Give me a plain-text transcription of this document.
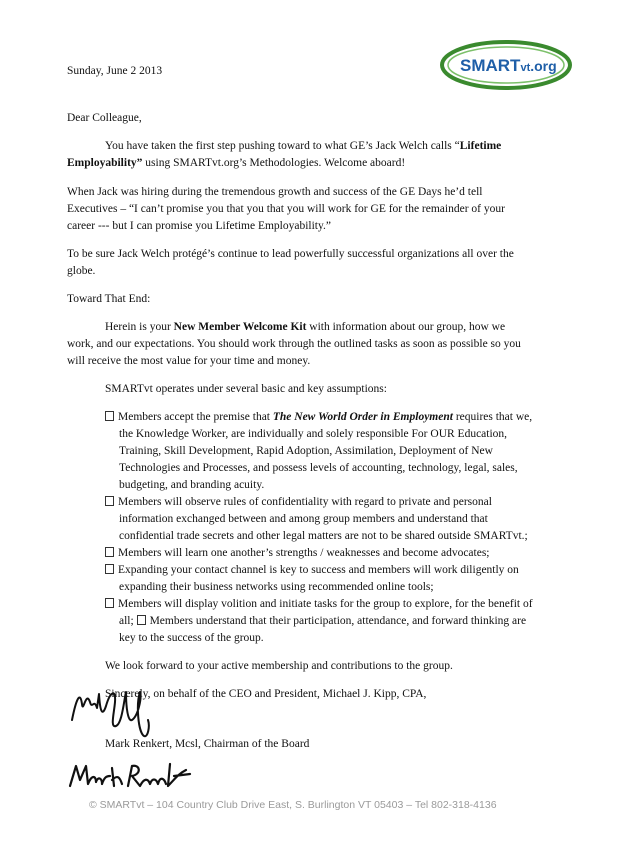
SMARTvt.org
Sunday, June 2 2013
Dear Colleague,
You have taken the first step pushing toward to what GE’s Jack Welch calls “Lifetime
Employability” using SMARTvt.org’s Methodologies. Welcome aboard!
When Jack was hiring during the tremendous growth and success of the GE Days he’d tell
Executives – “I can’t promise you that you that you will work for GE for the remainder of your
career --- but I can promise you Lifetime Employability.”
To be sure Jack Welch protégé’s continue to lead powerfully successful organizations all over the
globe.
Toward That End:
Herein is your New Member Welcome Kit with information about our group, how we
work, and our expectations. You should work through the outlined tasks as soon as possible so you
will receive the most value for your time and money.
SMARTvt operates under several basic and key assumptions:
Members accept the premise that The New World Order in Employment requires that we,
the Knowledge Worker, are individually and solely responsible For OUR Education,
Training, Skill Development, Rapid Adoption, Assimilation, Deployment of New
Technologies and Processes, and possess levels of accounting, technology, legal, sales,
budgeting, and branding acuity.
Members will observe rules of confidentiality with regard to private and personal
information exchanged between and among group members and understand that
confidential trade secrets and other legal matters are not to be shared outside SMARTvt.;
Members will learn one another’s strengths / weaknesses and become advocates;
Expanding your contact channel is key to success and members will work diligently on
expanding their business networks using recommended online tools;
Members will display volition and initiate tasks for the group to explore, for the benefit of
all; Members understand that their participation, attendance, and forward thinking are
key to the success of the group.
We look forward to your active membership and contributions to the group.
Sincerely, on behalf of the CEO and President, Michael J. Kipp, CPA,
Mark Renkert, Mcsl, Chairman of the Board
© SMARTvt – 104 Country Club Drive East, S. Burlington VT 05403 – Tel 802-318-4136
